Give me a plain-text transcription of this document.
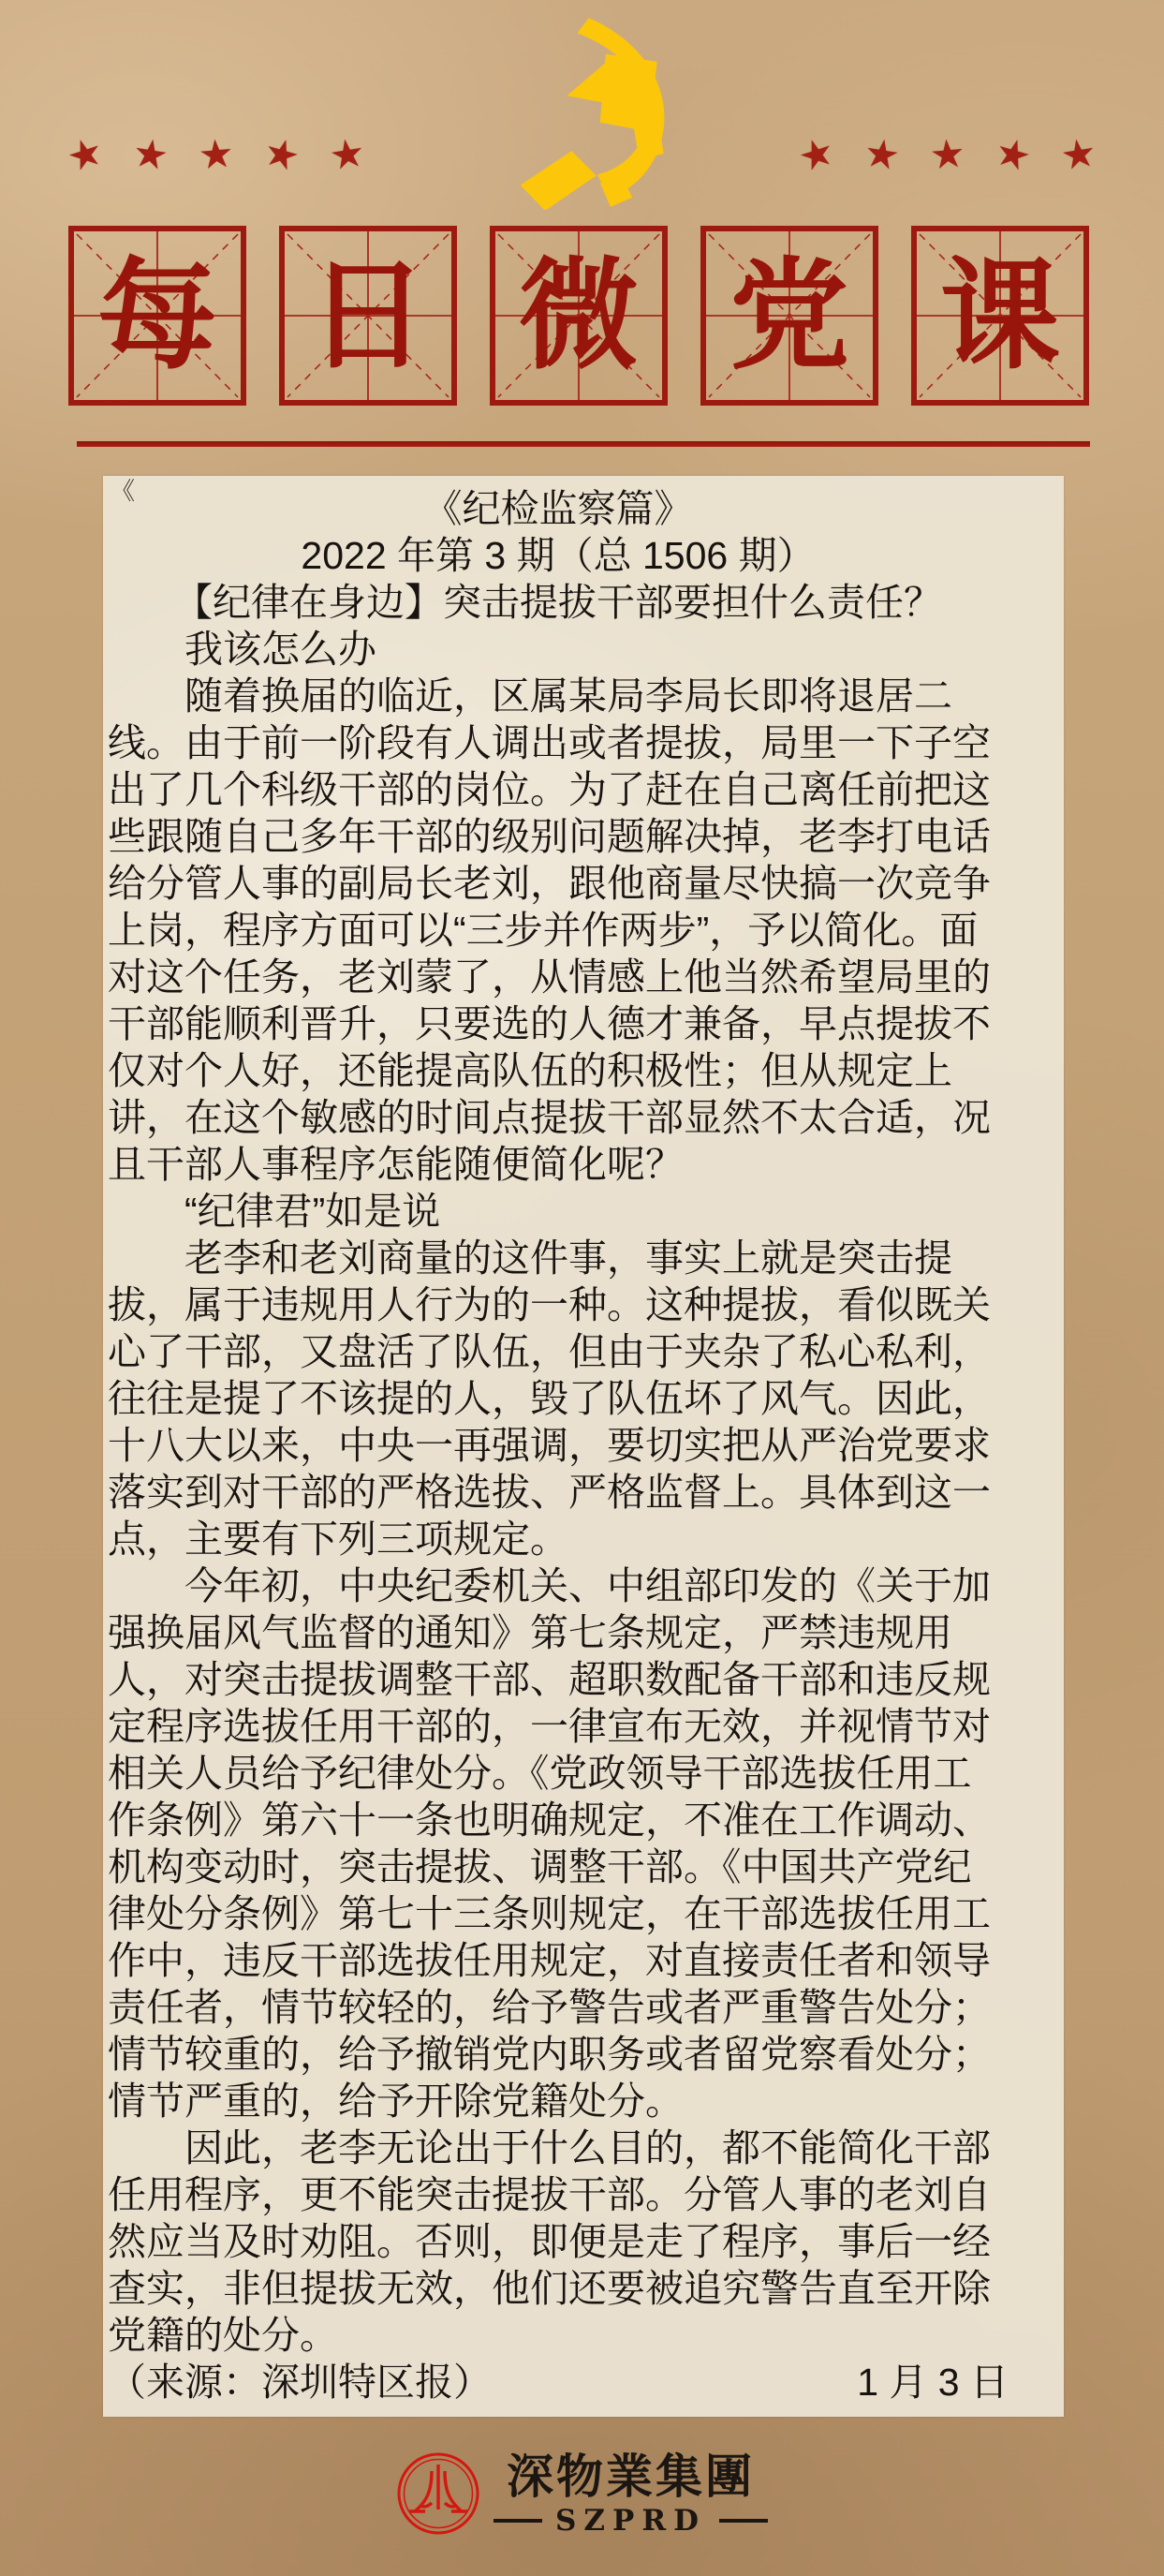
★ ★ ★ ★ ★	★ ★ ★ ★ ★
每 日 微 党 课
《	《纪检监察篇》
2022 年第 3 期（总 1506 期）
【纪律在身边】突击提拔干部要担什么责任？

我该怎么办

随着换届的临近，区属某局李局长即将退居二线。由于前一阶段有人调出或者提拔，局里一下子空出了几个科级干部的岗位。为了赶在自己离任前把这些跟随自己多年干部的级别问题解决掉，老李打电话给分管人事的副局长老刘，跟他商量尽快搞一次竞争上岗，程序方面可以“三步并作两步”，予以简化。面对这个任务，老刘蒙了，从情感上他当然希望局里的干部能顺利晋升，只要选的人德才兼备，早点提拔不仅对个人好，还能提高队伍的积极性；但从规定上讲，在这个敏感的时间点提拔干部显然不太合适，况且干部人事程序怎能随便简化呢？

“纪律君”如是说

老李和老刘商量的这件事，事实上就是突击提拔，属于违规用人行为的一种。这种提拔，看似既关心了干部，又盘活了队伍，但由于夹杂了私心私利，往往是提了不该提的人，毁了队伍坏了风气。因此，十八大以来，中央一再强调，要切实把从严治党要求落实到对干部的严格选拔、严格监督上。具体到这一点，主要有下列三项规定。

今年初，中央纪委机关、中组部印发的《关于加强换届风气监督的通知》第七条规定，严禁违规用人，对突击提拔调整干部、超职数配备干部和违反规定程序选拔任用干部的，一律宣布无效，并视情节对相关人员给予纪律处分。《党政领导干部选拔任用工作条例》第六十一条也明确规定，不准在工作调动、机构变动时，突击提拔、调整干部。《中国共产党纪律处分条例》第七十三条则规定，在干部选拔任用工作中，违反干部选拔任用规定，对直接责任者和领导责任者，情节较轻的，给予警告或者严重警告处分；情节较重的，给予撤销党内职务或者留党察看处分；情节严重的，给予开除党籍处分。

因此，老李无论出于什么目的，都不能简化干部任用程序，更不能突击提拔干部。分管人事的老刘自然应当及时劝阻。否则，即便是走了程序，事后一经查实，非但提拔无效，他们还要被追究警告直至开除党籍的处分。

（来源：深圳特区报）	1 月 3 日
深物業集團
SZPRD
